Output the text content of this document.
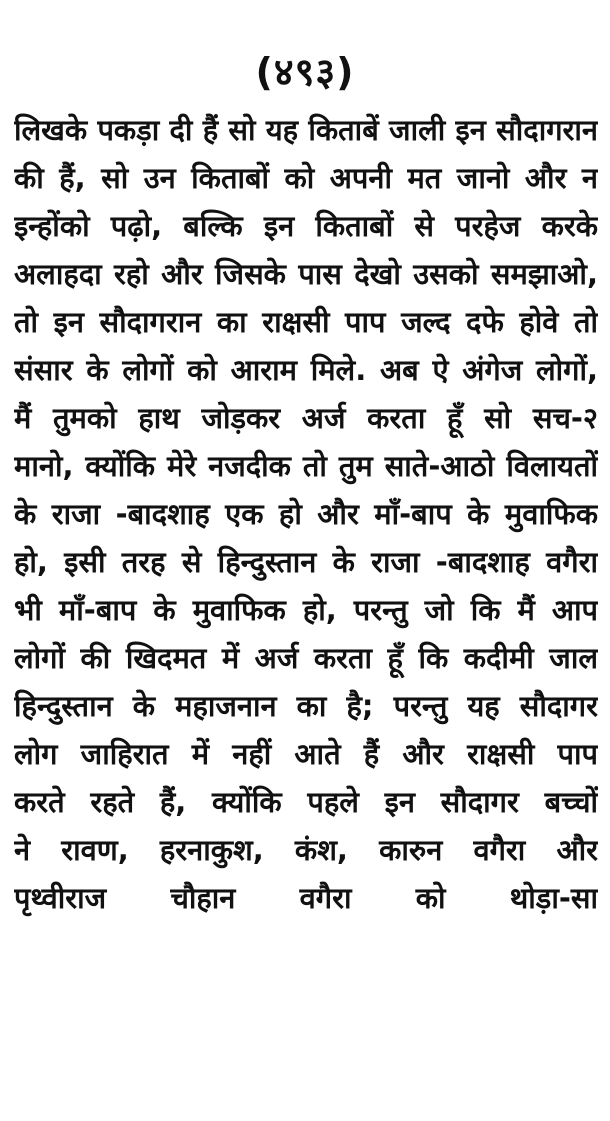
(४९३)
लिखके पकड़ा दी हैं सो यह किताबें जाली इन सौदागरान
की हैं, सो उन किताबों को अपनी मत जानो और न
इन्होंको पढ़ो, बल्कि इन किताबों से परहेज करके
अलाहदा रहो और जिसके पास देखो उसको समझाओ,
तो इन सौदागरान का राक्षसी पाप जल्द दफे होवे तो
संसार के लोगों को आराम मिले. अब ऐ अंगेज लोगों,
मैं तुमको हाथ जोड़कर अर्ज करता हूँ सो सच-२
मानो, क्योंकि मेरे नजदीक तो तुम साते-आठो विलायतों
के राजा -बादशाह एक हो और माँ-बाप के मुवाफिक
हो, इसी तरह से हिन्दुस्तान के राजा -बादशाह वगैरा
भी माँ-बाप के मुवाफिक हो, परन्तु जो कि मैं आप
लोगों की खिदमत में अर्ज करता हूँ कि कदीमी जाल
हिन्दुस्तान के महाजनान का है; परन्तु यह सौदागर
लोग जाहिरात में नहीं आते हैं और राक्षसी पाप
करते रहते हैं, क्योंकि पहले इन सौदागर बच्चों
ने रावण, हरनाकुश, कंश, कारुन वगैरा और
पृथ्वीराज चौहान वगैरा को थोड़ा-सा
